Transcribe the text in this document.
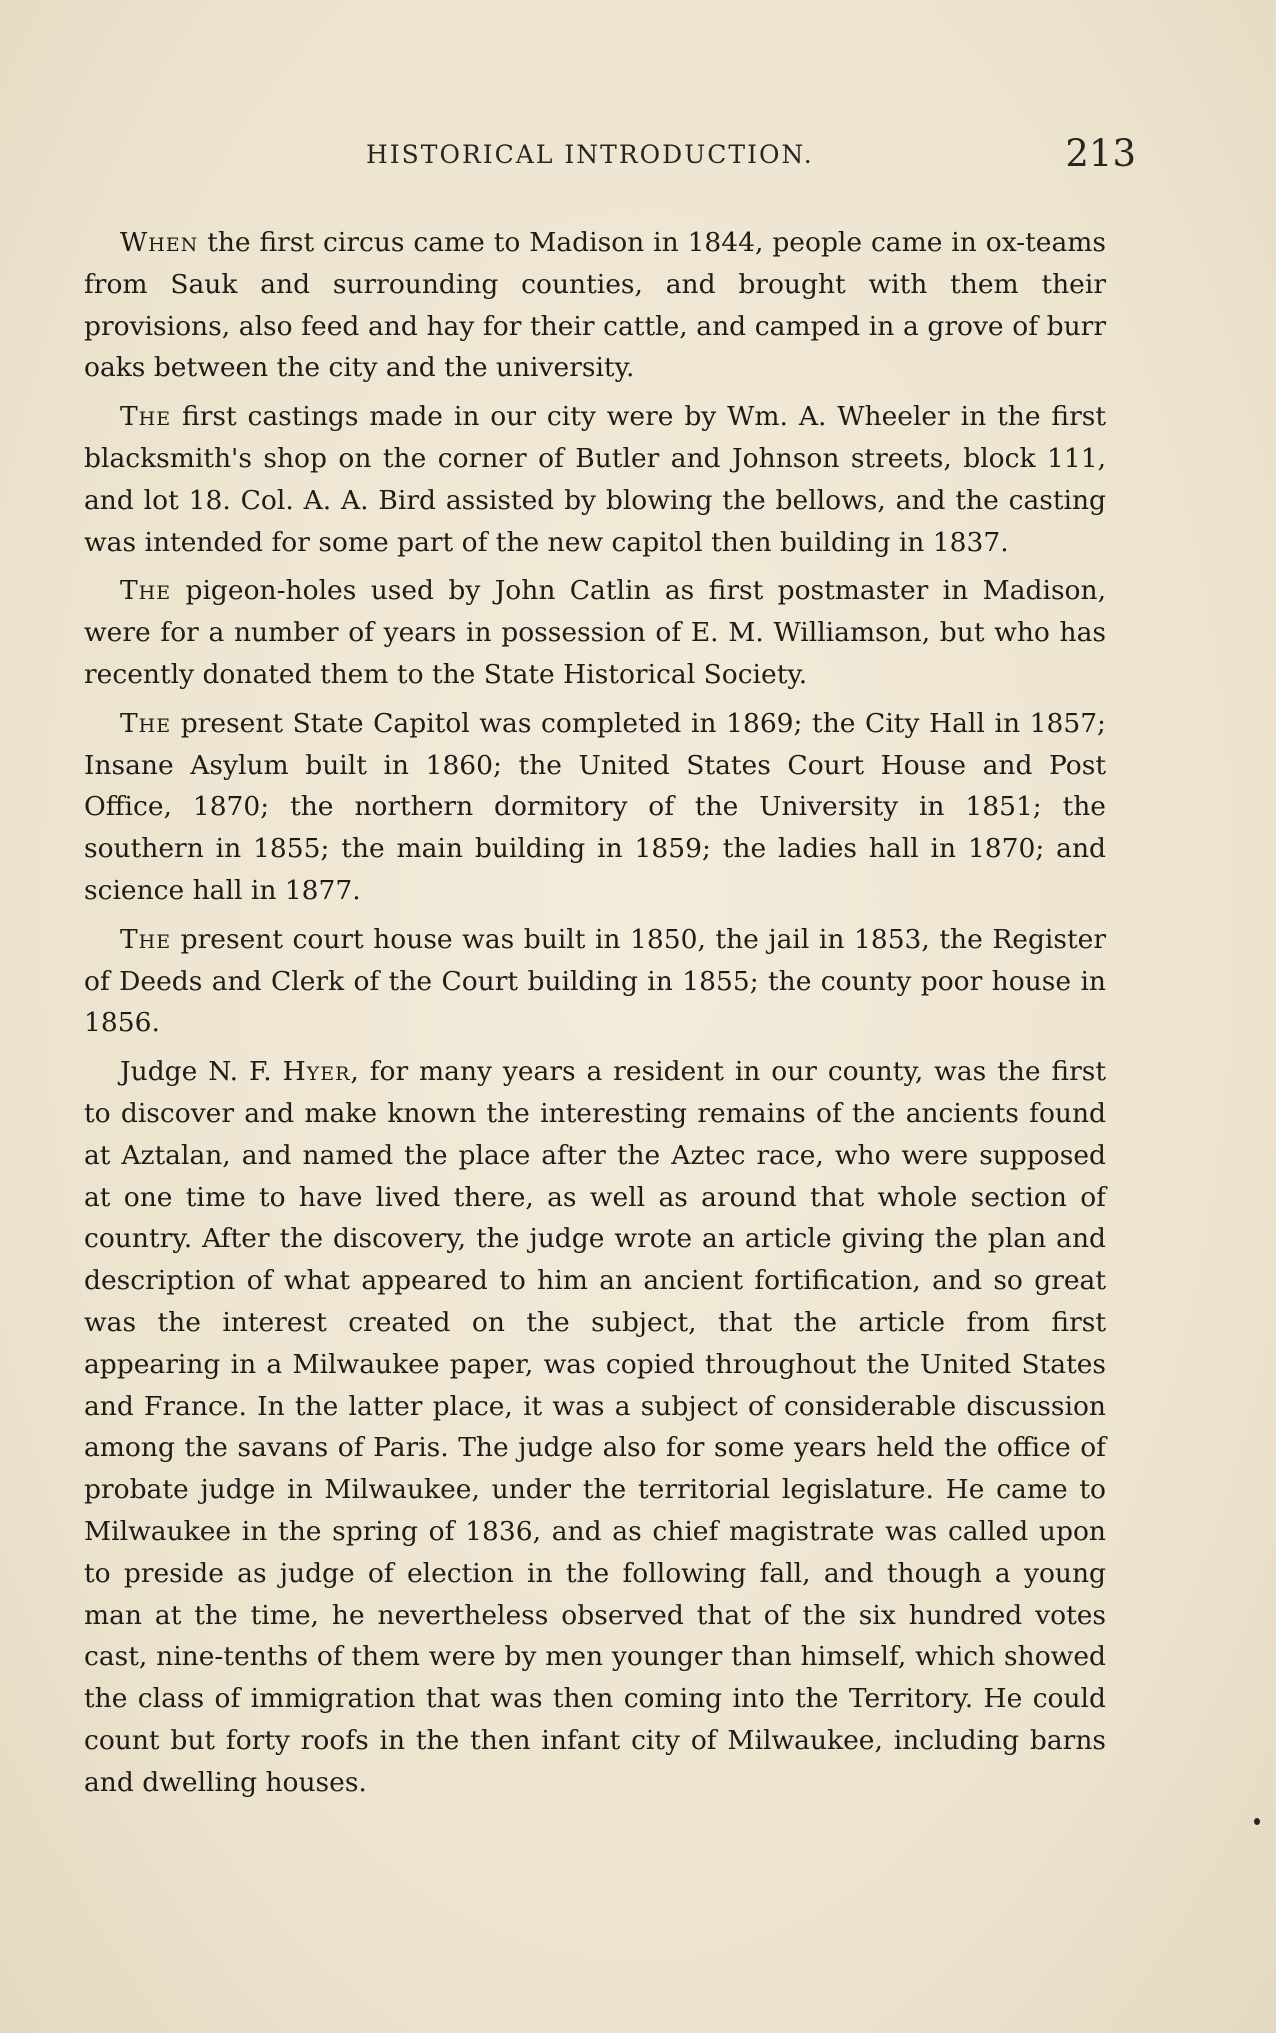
HISTORICAL INTRODUCTION.	213

When the first circus came to Madison in 1844, people came in ox-teams from Sauk and surrounding counties, and brought with them their provisions, also feed and hay for their cattle, and camped in a grove of burr oaks between the city and the university.

The first castings made in our city were by Wm. A. Wheeler in the first blacksmith's shop on the corner of Butler and Johnson streets, block 111, and lot 18. Col. A. A. Bird assisted by blowing the bellows, and the casting was intended for some part of the new capitol then building in 1837.

The pigeon-holes used by John Catlin as first postmaster in Madison, were for a number of years in possession of E. M. Williamson, but who has recently donated them to the State Historical Society.

The present State Capitol was completed in 1869; the City Hall in 1857; Insane Asylum built in 1860; the United States Court House and Post Office, 1870; the northern dormitory of the University in 1851; the southern in 1855; the main building in 1859; the ladies hall in 1870; and science hall in 1877.

The present court house was built in 1850, the jail in 1853, the Register of Deeds and Clerk of the Court building in 1855; the county poor house in 1856.

Judge N. F. Hyer, for many years a resident in our county, was the first to discover and make known the interesting remains of the ancients found at Aztalan, and named the place after the Aztec race, who were supposed at one time to have lived there, as well as around that whole section of country. After the discovery, the judge wrote an article giving the plan and description of what appeared to him an ancient fortification, and so great was the interest created on the subject, that the article from first appearing in a Milwaukee paper, was copied throughout the United States and France. In the latter place, it was a subject of considerable discussion among the savans of Paris. The judge also for some years held the office of probate judge in Milwaukee, under the territorial legislature. He came to Milwaukee in the spring of 1836, and as chief magistrate was called upon to preside as judge of election in the following fall, and though a young man at the time, he nevertheless observed that of the six hundred votes cast, nine-tenths of them were by men younger than himself, which showed the class of immigration that was then coming into the Territory. He could count but forty roofs in the then infant city of Milwaukee, including barns and dwelling houses.
